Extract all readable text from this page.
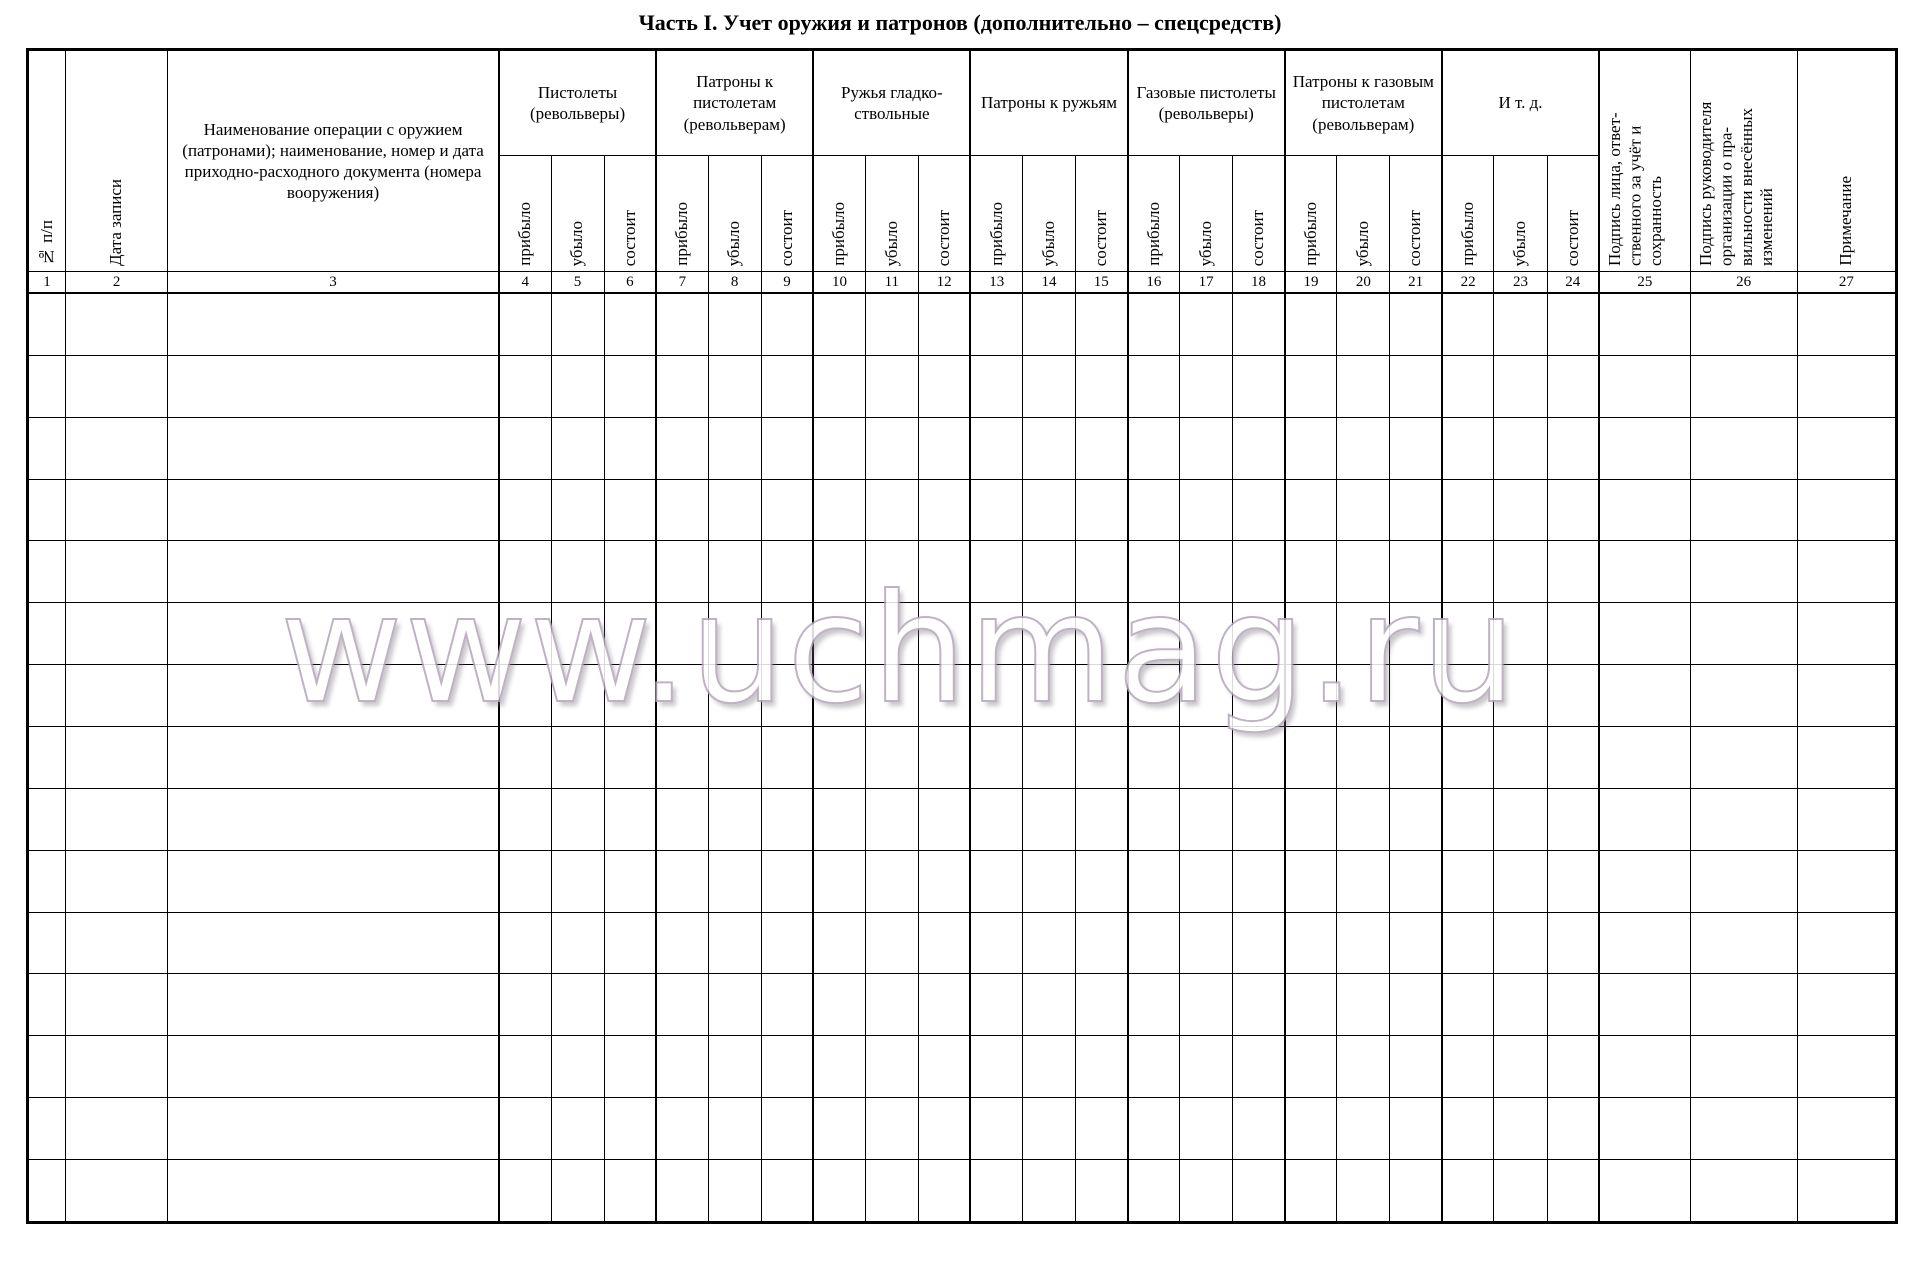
Часть I. Учет оружия и патронов (дополнительно – спецсредств)
№ п/п	Дата записи	Наименование операции с оружием (патронами); наименование, номер и дата приходно-расходного документа (номера вооружения)	Пистолеты (револьверы)			Патроны к пистолетам (револьверам)			Ружья гладко- ствольные			Патроны к ружьям			Газовые пистолеты (револьверы)			Патроны к газовым пистолетам (револьверам)			И т. д.			Подпись лица, ответ- ственного за учёт и сохранность	Подпись руководителя организации о пра- вильности внесённых изменений	Примечание
			прибыло	убыло	состоит	прибыло	убыло	состоит	прибыло	убыло	состоит	прибыло	убыло	состоит	прибыло	убыло	состоит	прибыло	убыло	состоит	прибыло	убыло	состоит			
1	2	3	4	5	6	7	8	9	10	11	12	13	14	15	16	17	18	19	20	21	22	23	24	25	26	27

www.uchmag.ru
